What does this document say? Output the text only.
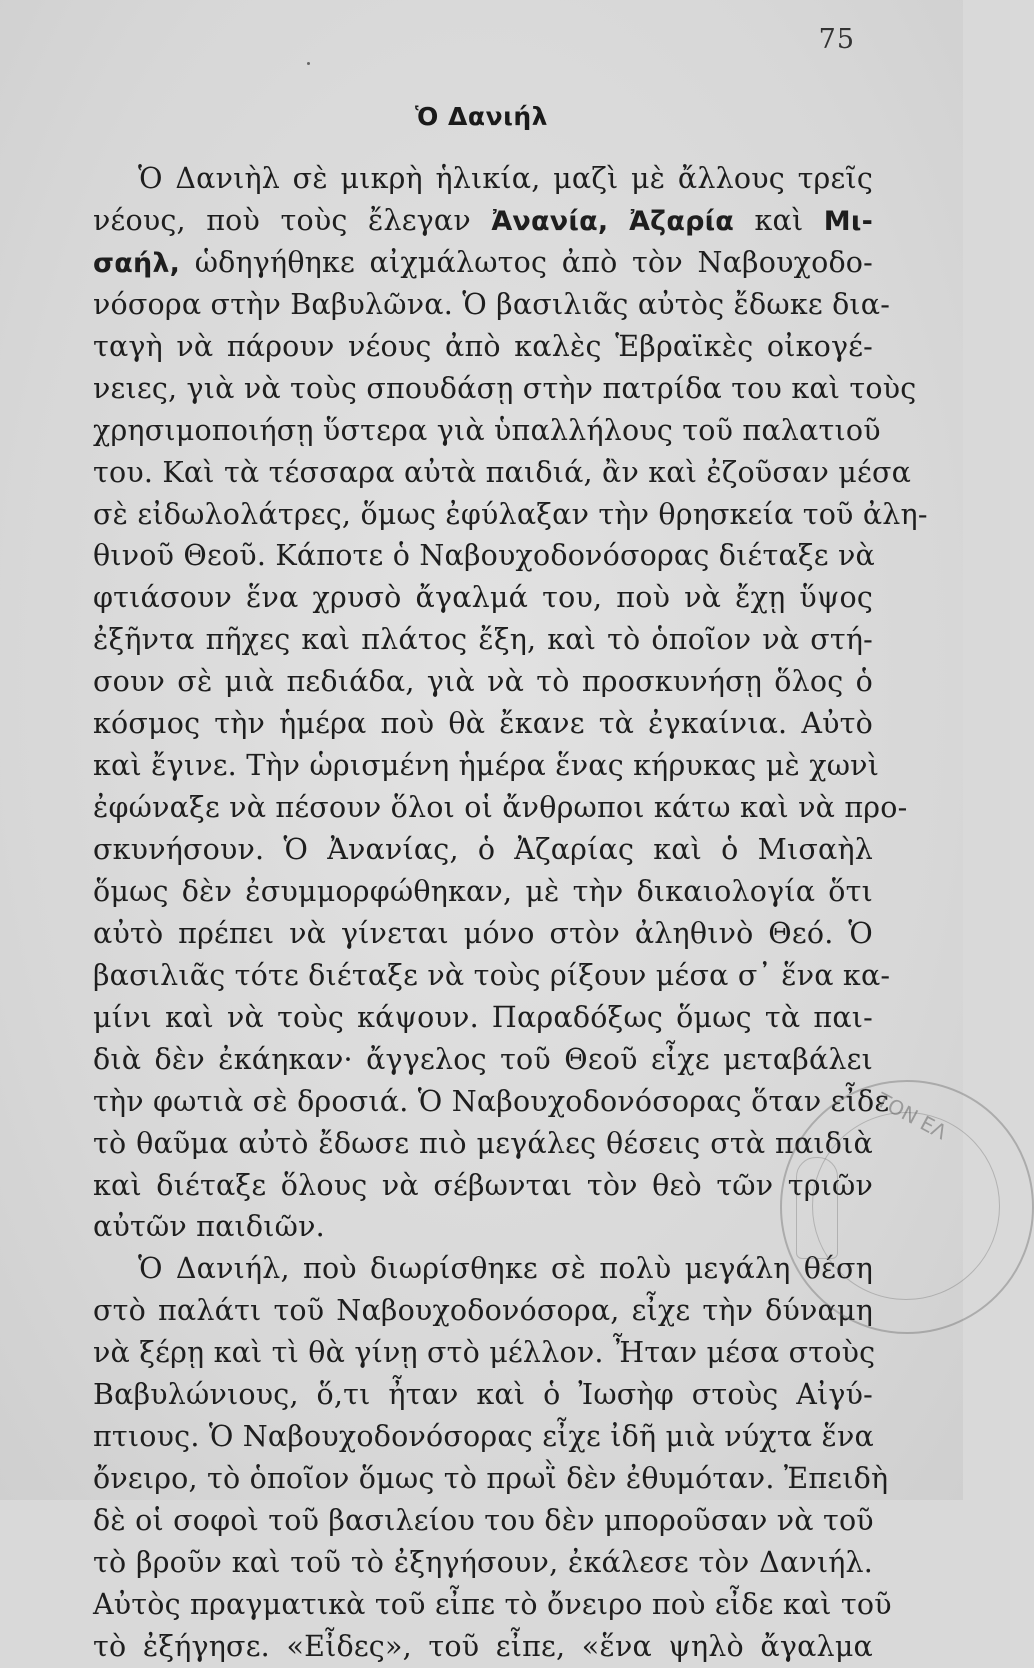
75
Ὁ Δανιήλ
Ὁ Δανιὴλ σὲ μικρὴ ἡλικία, μαζὶ μὲ ἄλλους τρεῖς
νέους, ποὺ τοὺς ἔλεγαν Ἀνανία, Ἀζαρία καὶ Μι-
σαήλ, ὡδηγήθηκε αἰχμάλωτος ἀπὸ τὸν Ναβουχοδο-
νόσορα στὴν Βαβυλῶνα. Ὁ βασιλιᾶς αὐτὸς ἔδωκε δια-
ταγὴ νὰ πάρουν νέους ἀπὸ καλὲς Ἑβραϊκὲς οἰκογέ-
νειες, γιὰ νὰ τοὺς σπουδάσῃ στὴν πατρίδα του καὶ τοὺς
χρησιμοποιήσῃ ὕστερα γιὰ ὑπαλλήλους τοῦ παλατιοῦ
του. Καὶ τὰ τέσσαρα αὐτὰ παιδιά, ἂν καὶ ἐζοῦσαν μέσα
σὲ εἰδωλολάτρες, ὅμως ἐφύλαξαν τὴν θρησκεία τοῦ ἀλη-
θινοῦ Θεοῦ. Κάποτε ὁ Ναβουχοδονόσορας διέταξε νὰ
φτιάσουν ἕνα χρυσὸ ἄγαλμά του, ποὺ νὰ ἔχῃ ὕψος
ἐξῆντα πῆχες καὶ πλάτος ἔξη, καὶ τὸ ὁποῖον νὰ στή-
σουν σὲ μιὰ πεδιάδα, γιὰ νὰ τὸ προσκυνήσῃ ὅλος ὁ
κόσμος τὴν ἡμέρα ποὺ θὰ ἔκανε τὰ ἐγκαίνια. Αὐτὸ
καὶ ἔγινε. Τὴν ὡρισμένη ἡμέρα ἕνας κήρυκας μὲ χωνὶ
ἐφώναξε νὰ πέσουν ὅλοι οἱ ἄνθρωποι κάτω καὶ νὰ προ-
σκυνήσουν. Ὁ Ἀνανίας, ὁ Ἀζαρίας καὶ ὁ Μισαὴλ
ὅμως δὲν ἐσυμμορφώθηκαν, μὲ τὴν δικαιολογία ὅτι
αὐτὸ πρέπει νὰ γίνεται μόνο στὸν ἀληθινὸ Θεό. Ὁ
βασιλιᾶς τότε διέταξε νὰ τοὺς ρίξουν μέσα σ᾿ ἕνα κα-
μίνι καὶ νὰ τοὺς κάψουν. Παραδόξως ὅμως τὰ παι-
διὰ δὲν ἐκάηκαν· ἄγγελος τοῦ Θεοῦ εἶχε μεταβάλει
τὴν φωτιὰ σὲ δροσιά. Ὁ Ναβουχοδονόσορας ὅταν εἶδε
τὸ θαῦμα αὐτὸ ἔδωσε πιὸ μεγάλες θέσεις στὰ παιδιὰ
καὶ διέταξε ὅλους νὰ σέβωνται τὸν θεὸ τῶν τριῶν
αὐτῶν παιδιῶν.
Ὁ Δανιήλ, ποὺ διωρίσθηκε σὲ πολὺ μεγάλη θέση
στὸ παλάτι τοῦ Ναβουχοδονόσορα, εἶχε τὴν δύναμη
νὰ ξέρῃ καὶ τὶ θὰ γίνῃ στὸ μέλλον. Ἦταν μέσα στοὺς
Βαβυλώνιους, ὅ,τι ἦταν καὶ ὁ Ἰωσὴφ στοὺς Αἰγύ-
πτιους. Ὁ Ναβουχοδονόσορας εἶχε ἰδῆ μιὰ νύχτα ἕνα
ὄνειρο, τὸ ὁποῖον ὅμως τὸ πρωῒ δὲν ἐθυμόταν. Ἐπειδὴ
δὲ οἱ σοφοὶ τοῦ βασιλείου του δὲν μποροῦσαν νὰ τοῦ
τὸ βροῦν καὶ τοῦ τὸ ἐξηγήσουν, ἐκάλεσε τὸν Δανιήλ.
Αὐτὸς πραγματικὰ τοῦ εἶπε τὸ ὄνειρο ποὺ εἶδε καὶ τοῦ
τὸ ἐξήγησε. «Εἶδες», τοῦ εἶπε, «ἕνα ψηλὸ ἄγαλμα
ΤΟΝ ΕΛ
